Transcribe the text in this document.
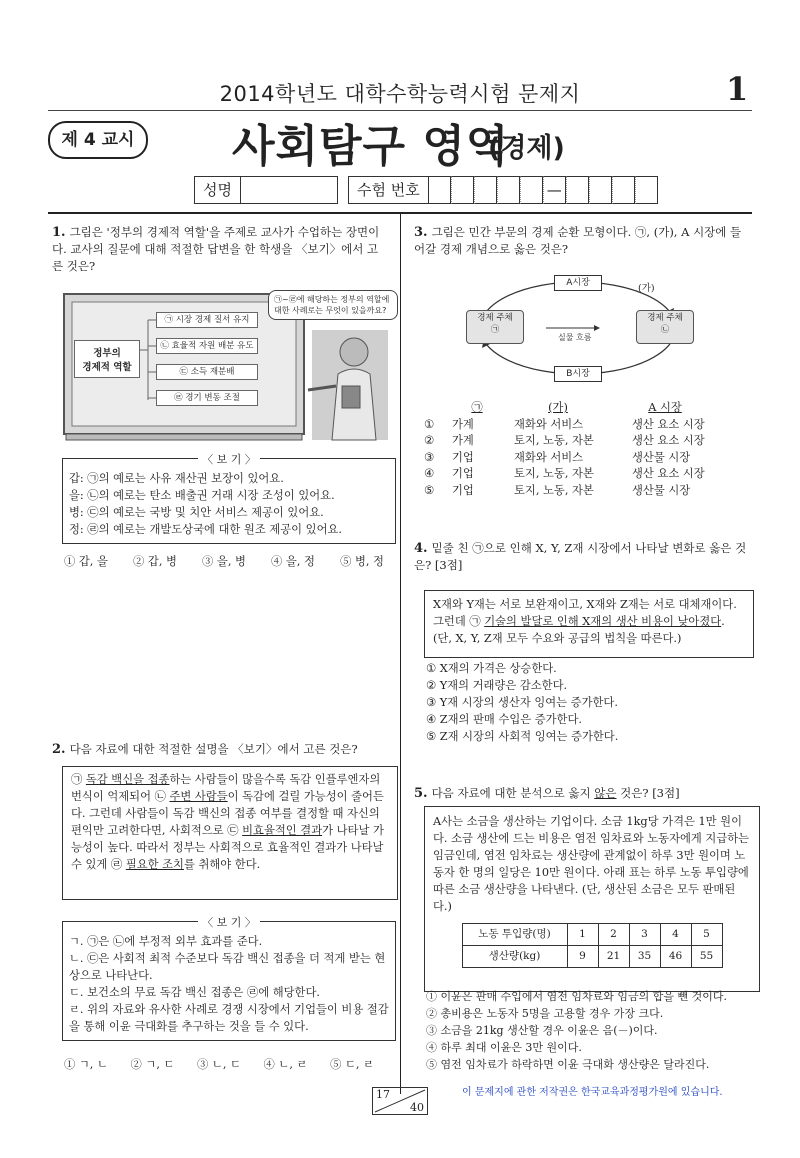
2014학년도 대학수학능력시험 문제지	1
제 4 교시	사회탐구 영역
(경제)
성명	수험 번호	—
1. 그림은 '정부의 경제적 역할'을 주제로 교사가 수업하는 장면이다. 교사의 질문에 대해 적절한 답변을 한 학생을 〈보기〉에서 고른 것은?
정부의
경제적 역할
㉠ 시장 경제 질서 유지
㉡ 효율적 자원 배분 유도
㉢ 소득 재분배
㉣ 경기 변동 조절
㉠~㉣에 해당하는 정부의 역할에 대한 사례로는 무엇이 있을까요?
〈 보 기 〉
갑: ㉠의 예로는 사유 재산권 보장이 있어요.
을: ㉡의 예로는 탄소 배출권 거래 시장 조성이 있어요.
병: ㉢의 예로는 국방 및 치안 서비스 제공이 있어요.
정: ㉣의 예로는 개발도상국에 대한 원조 제공이 있어요.
① 갑, 을 ② 갑, 병 ③ 을, 병 ④ 을, 정 ⑤ 병, 정
2. 다음 자료에 대한 적절한 설명을 〈보기〉에서 고른 것은?
㉠ 독감 백신을 접종하는 사람들이 많을수록 독감 인플루엔자의 번식이 억제되어 ㉡ 주변 사람들이 독감에 걸릴 가능성이 줄어든다. 그런데 사람들이 독감 백신의 접종 여부를 결정할 때 자신의 편익만 고려한다면, 사회적으로 ㉢ 비효율적인 결과가 나타날 가능성이 높다. 따라서 정부는 사회적으로 효율적인 결과가 나타날 수 있게 ㉣ 필요한 조치를 취해야 한다.
〈 보 기 〉
ㄱ. ㉠은 ㉡에 부정적 외부 효과를 준다.
ㄴ. ㉢은 사회적 최적 수준보다 독감 백신 접종을 더 적게 받는 현상으로 나타난다.
ㄷ. 보건소의 무료 독감 백신 접종은 ㉣에 해당한다.
ㄹ. 위의 자료와 유사한 사례로 경쟁 시장에서 기업들이 비용 절감을 통해 이윤 극대화를 추구하는 것을 들 수 있다.
① ㄱ, ㄴ ② ㄱ, ㄷ ③ ㄴ, ㄷ ④ ㄴ, ㄹ ⑤ ㄷ, ㄹ
3. 그림은 민간 부문의 경제 순환 모형이다. ㉠, (가), A 시장에 들어갈 경제 개념으로 옳은 것은?
A시장
B시장
(가)
경제 주체
㉠
경제 주체
㉡
실물 흐름
㉠	(가)	A 시장
①	가계	재화와 서비스	생산 요소 시장
②	가계	토지, 노동, 자본	생산 요소 시장
③	기업	재화와 서비스	생산물 시장
④	기업	토지, 노동, 자본	생산 요소 시장
⑤	기업	토지, 노동, 자본	생산물 시장
4. 밑줄 친 ㉠으로 인해 X, Y, Z재 시장에서 나타날 변화로 옳은 것은? [3점]
X재와 Y재는 서로 보완재이고, X재와 Z재는 서로 대체재이다. 그런데 ㉠ 기술의 발달로 인해 X재의 생산 비용이 낮아졌다. (단, X, Y, Z재 모두 수요와 공급의 법칙을 따른다.)
① X재의 가격은 상승한다.
② Y재의 거래량은 감소한다.
③ Y재 시장의 생산자 잉여는 증가한다.
④ Z재의 판매 수입은 증가한다.
⑤ Z재 시장의 사회적 잉여는 증가한다.
5. 다음 자료에 대한 분석으로 옳지 않은 것은? [3점]
A사는 소금을 생산하는 기업이다. 소금 1kg당 가격은 1만 원이다. 소금 생산에 드는 비용은 염전 임차료와 노동자에게 지급하는 임금인데, 염전 임차료는 생산량에 관계없이 하루 3만 원이며 노동자 한 명의 일당은 10만 원이다. 아래 표는 하루 노동 투입량에 따른 소금 생산량을 나타낸다. (단, 생산된 소금은 모두 판매된다.)
노동 투입량(명)	1	2	3	4	5
생산량(kg)	9	21	35	46	55
① 이윤은 판매 수입에서 염전 임차료와 임금의 합을 뺀 것이다.
② 총비용은 노동자 5명을 고용할 경우 가장 크다.
③ 소금을 21kg 생산할 경우 이윤은 음(－)이다.
④ 하루 최대 이윤은 3만 원이다.
⑤ 염전 임차료가 하락하면 이윤 극대화 생산량은 달라진다.
17
40
이 문제지에 관한 저작권은 한국교육과정평가원에 있습니다.
